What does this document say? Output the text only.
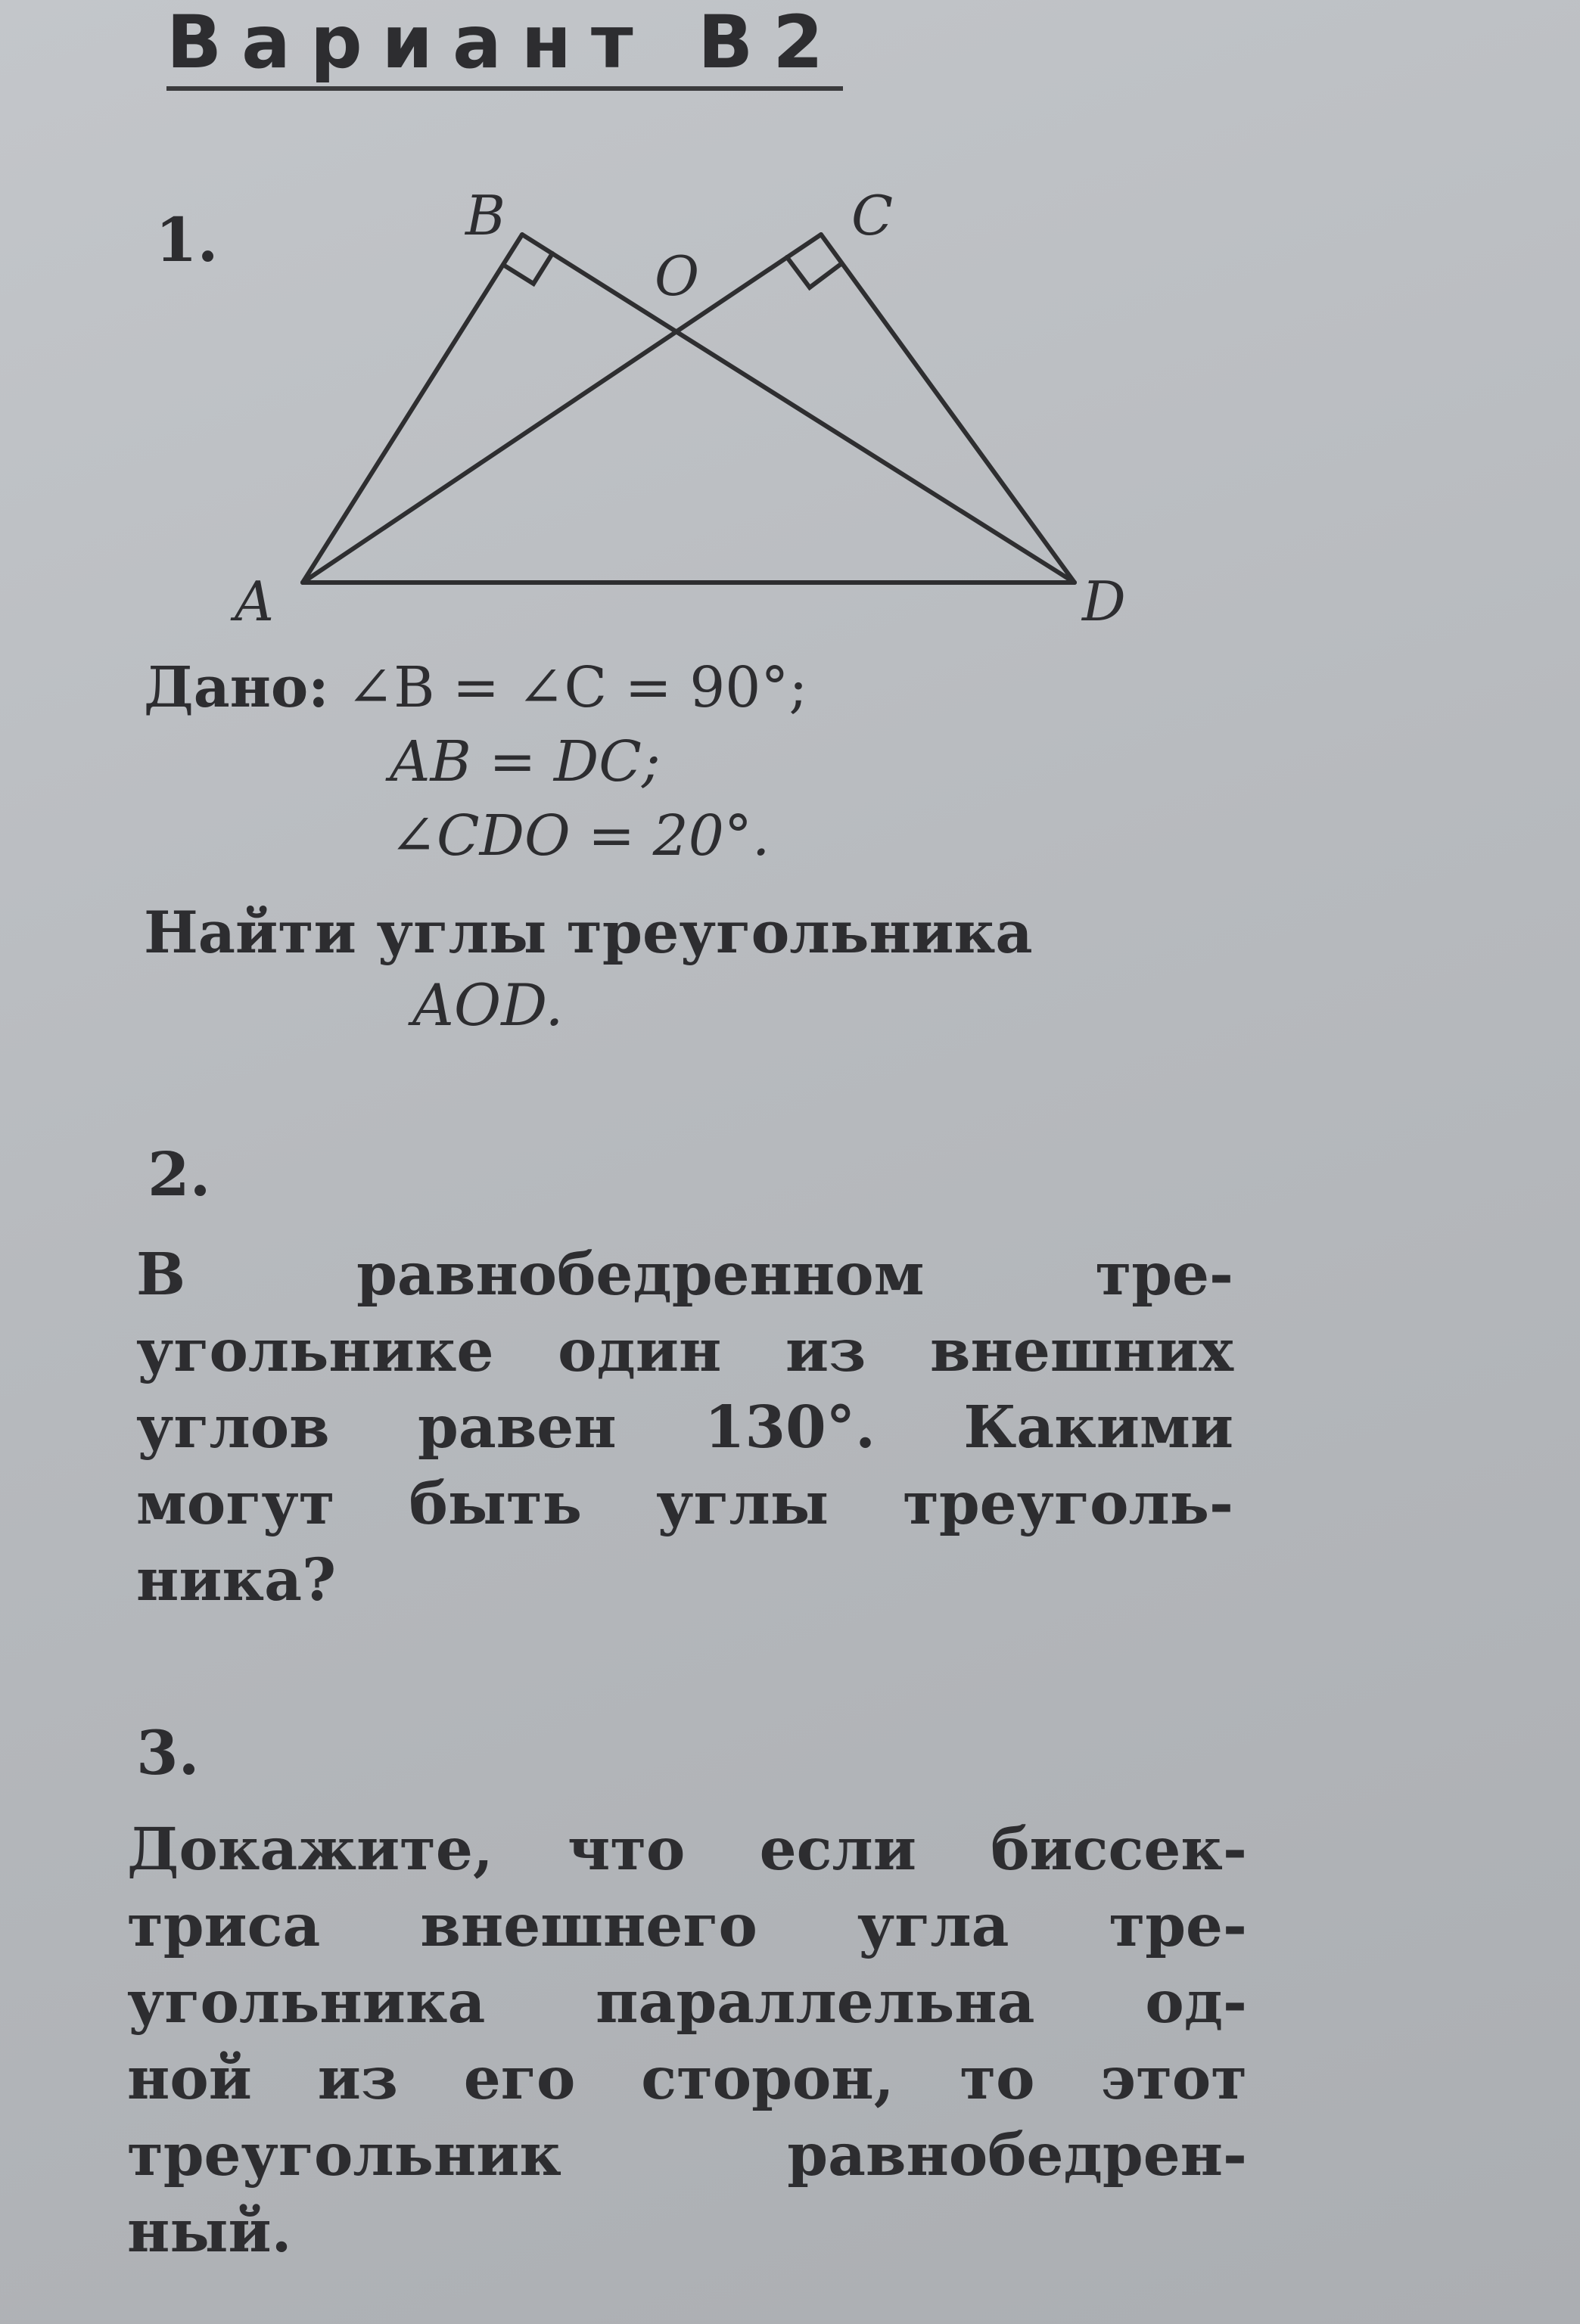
Вариант В2
1.	B	C
O
A	D
Дано: ∠B = ∠C = 90°;
AB = DC;
∠CDO = 20°.
Найти углы треугольника
AOD.
2.
В равнобедренном тре-
угольнике один из внешних
углов равен 130°. Какими
могут быть углы треуголь-
ника?
3.
Докажите, что если биссек-
триса внешнего угла тре-
угольника параллельна од-
ной из его сторон, то этот
треугольник равнобедрен-
ный.
